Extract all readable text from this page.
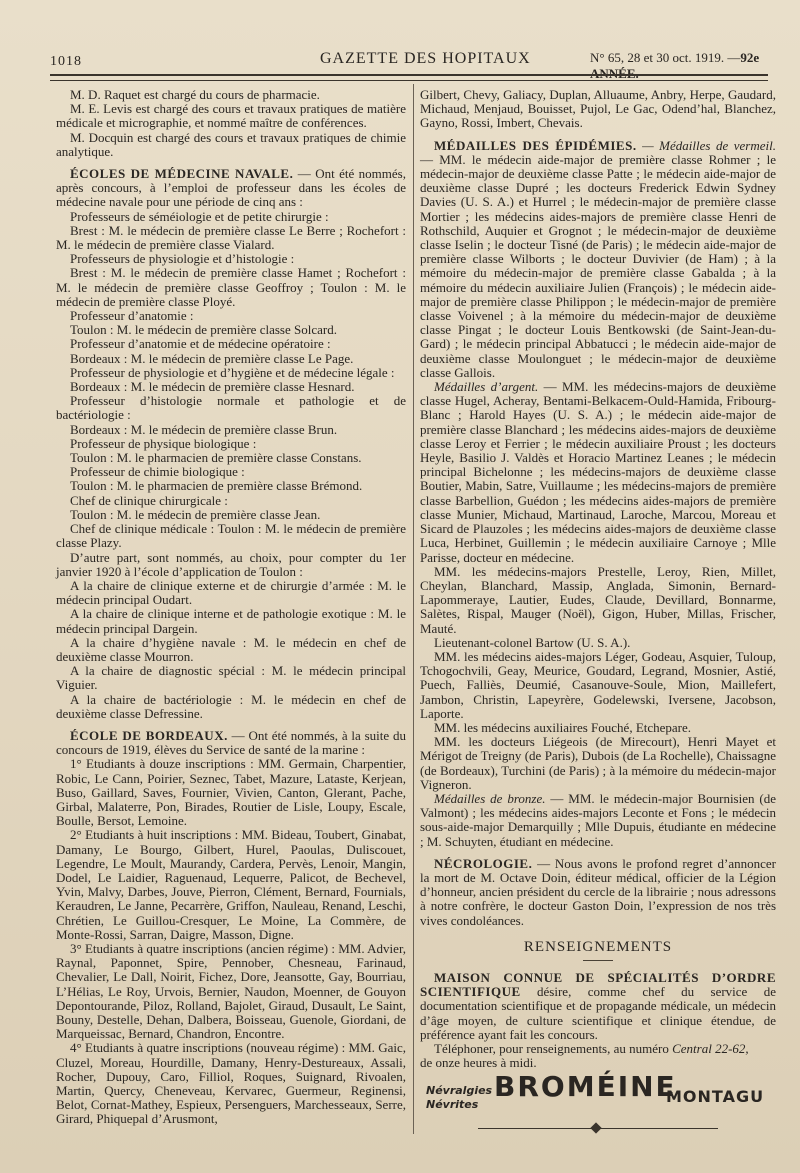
1018	GAZETTE DES HOPITAUX	N° 65, 28 et 30 oct. 1919. —92e ANNÉE.

M. D. Raquet est chargé du cours de pharmacie.

M. E. Levis est chargé des cours et travaux pratiques de matière médicale et micrographie, et nommé maître de conférences.

M. Docquin est chargé des cours et travaux pratiques de chimie analytique.

ÉCOLES DE MÉDECINE NAVALE. — Ont été nommés, après concours, à l’emploi de professeur dans les écoles de médecine navale pour une période de cinq ans :

Professeurs de séméiologie et de petite chirurgie :

Brest : M. le médecin de première classe Le Berre ; Rochefort : M. le médecin de première classe Vialard.

Professeurs de physiologie et d’histologie :

Brest : M. le médecin de première classe Hamet ; Rochefort : M. le médecin de première classe Geoffroy ; Toulon : M. le médecin de première classe Ployé.

Professeur d’anatomie :

Toulon : M. le médecin de première classe Solcard.

Professeur d’anatomie et de médecine opératoire :

Bordeaux : M. le médecin de première classe Le Page.

Professeur de physiologie et d’hygiène et de médecine légale :

Bordeaux : M. le médecin de première classe Hesnard.

Professeur d’histologie normale et pathologie et de bactériologie :

Bordeaux : M. le médecin de première classe Brun.

Professeur de physique biologique :

Toulon : M. le pharmacien de première classe Constans.

Professeur de chimie biologique :

Toulon : M. le pharmacien de première classe Brémond.

Chef de clinique chirurgicale :

Toulon : M. le médecin de première classe Jean.

Chef de clinique médicale : Toulon : M. le médecin de première classe Plazy.

D’autre part, sont nommés, au choix, pour compter du 1er janvier 1920 à l’école d’application de Toulon :

A la chaire de clinique externe et de chirurgie d’armée : M. le médecin principal Oudart.

A la chaire de clinique interne et de pathologie exotique : M. le médecin principal Dargein.

A la chaire d’hygiène navale : M. le médecin en chef de deuxième classe Mourron.

A la chaire de diagnostic spécial : M. le médecin principal Viguier.

A la chaire de bactériologie : M. le médecin en chef de deuxième classe Defressine.

ÉCOLE DE BORDEAUX. — Ont été nommés, à la suite du concours de 1919, élèves du Service de santé de la marine :

1° Etudiants à douze inscriptions : MM. Germain, Charpentier, Robic, Le Cann, Poirier, Seznec, Tabet, Mazure, Lataste, Kerjean, Buso, Gaillard, Saves, Fournier, Vivien, Canton, Glerant, Pache, Girbal, Malaterre, Pon, Birades, Routier de Lisle, Loupy, Escale, Boulle, Bersot, Lemoine.

2° Etudiants à huit inscriptions : MM. Bideau, Toubert, Ginabat, Damany, Le Bourgo, Gilbert, Hurel, Paoulas, Duliscouet, Legendre, Le Moult, Maurandy, Cardera, Pervès, Lenoir, Mangin, Dodel, Le Laidier, Raguenaud, Lequerre, Palicot, de Bechevel, Yvin, Malvy, Darbes, Jouve, Pierron, Clément, Bernard, Fournials, Keraudren, Le Janne, Pecarrère, Griffon, Nauleau, Renand, Leschi, Chrétien, Le Guillou-Cresquer, Le Moine, La Commère, de Monte-Rossi, Sarran, Daigre, Masson, Digne.

3° Etudiants à quatre inscriptions (ancien régime) : MM. Advier, Raynal, Paponnet, Spire, Pennober, Chesneau, Farinaud, Chevalier, Le Dall, Noirit, Fichez, Dore, Jeansotte, Gay, Bourriau, L’Hélias, Le Roy, Urvois, Bernier, Naudon, Moenner, de Gouyon Depontourande, Piloz, Rolland, Bajolet, Giraud, Dusault, Le Saint, Bouny, Destelle, Dehan, Dalbera, Boisseau, Guenole, Giordani, de Marqueissac, Bernard, Chandron, Encontre.

4° Etudiants à quatre inscriptions (nouveau régime) : MM. Gaic, Cluzel, Moreau, Hourdille, Damany, Henry-Destureaux, Assali, Rocher, Dupouy, Caro, Filliol, Roques, Suignard, Rivoalen, Martin, Quercy, Cheneveau, Kervarec, Guermeur, Reginensi, Belot, Cornat-Mathey, Espieux, Persenguers, Marchesseaux, Serre, Girard, Phiquepal d’Arusmont,

Gilbert, Chevy, Galiacy, Duplan, Alluaume, Anbry, Herpe, Gaudard, Michaud, Menjaud, Bouisset, Pujol, Le Gac, Odend’hal, Blanchez, Gayno, Rossi, Imbert, Chevais.

MÉDAILLES DES ÉPIDÉMIES. — Médailles de vermeil. — MM. le médecin aide-major de première classe Rohmer ; le médecin-major de deuxième classe Patte ; le médecin aide-major de deuxième classe Dupré ; les docteurs Frederick Edwin Sydney Davies (U. S. A.) et Hurrel ; le médecin-major de première classe Mortier ; les médecins aides-majors de première classe Henri de Rothschild, Auquier et Grognot ; le médecin-major de deuxième classe Iselin ; le docteur Tisné (de Paris) ; le médecin aide-major de première classe Wilborts ; le docteur Duvivier (de Ham) ; à la mémoire du médecin-major de première classe Gabalda ; à la mémoire du médecin auxiliaire Julien (François) ; le médecin aide-major de première classe Philippon ; le médecin-major de première classe Voivenel ; à la mémoire du médecin-major de deuxième classe Pingat ; le docteur Louis Bentkowski (de Saint-Jean-du-Gard) ; le médecin principal Abbatucci ; le médecin aide-major de deuxième classe Moulonguet ; le médecin-major de deuxième classe Gallois.

Médailles d’argent. — MM. les médecins-majors de deuxième classe Hugel, Acheray, Bentami-Belkacem-Ould-Hamida, Fribourg-Blanc ; Harold Hayes (U. S. A.) ; le médecin aide-major de première classe Blanchard ; les médecins aides-majors de deuxième classe Leroy et Ferrier ; le médecin auxiliaire Proust ; les docteurs Heyle, Basilio J. Valdès et Horacio Martinez Leanes ; le médecin principal Bichelonne ; les médecins-majors de deuxième classe Boutier, Mabin, Satre, Vuillaume ; les médecins-majors de première classe Barbellion, Guédon ; les médecins aides-majors de première classe Munier, Michaud, Martinaud, Laroche, Marcou, Moreau et Sicard de Plauzoles ; les médecins aides-majors de deuxième classe Luca, Herbinet, Guillemin ; le médecin auxiliaire Carnoye ; Mlle Parisse, docteur en médecine.

MM. les médecins-majors Prestelle, Leroy, Rien, Millet, Cheylan, Blanchard, Massip, Anglada, Simonin, Bernard-Lapommeraye, Lautier, Eudes, Claude, Devillard, Bonnarme, Salètes, Rispal, Mauger (Noël), Gigon, Huber, Millas, Frischer, Mauté.

Lieutenant-colonel Bartow (U. S. A.).

MM. les médecins aides-majors Léger, Godeau, Asquier, Tuloup, Tchogochvili, Geay, Meurice, Goudard, Legrand, Mosnier, Astié, Puech, Falliès, Deumié, Casanouve-Soule, Mion, Maillefert, Jambon, Christin, Lapeyrère, Godelewski, Iversene, Jacobson, Laporte.

MM. les médecins auxiliaires Fouché, Etchepare.

MM. les docteurs Liégeois (de Mirecourt), Henri Mayet et Mérigot de Treigny (de Paris), Dubois (de La Rochelle), Chaissagne (de Bordeaux), Turchini (de Paris) ; à la mémoire du médecin-major Vigneron.

Médailles de bronze. — MM. le médecin-major Bournisien (de Valmont) ; les médecins aides-majors Leconte et Fons ; le médecin sous-aide-major Demarquilly ; Mlle Dupuis, étudiante en médecine ; M. Schuyten, étudiant en médecine.

NÉCROLOGIE. — Nous avons le profond regret d’annoncer la mort de M. Octave Doin, éditeur médical, officier de la Légion d’honneur, ancien président du cercle de la librairie ; nous adressons à notre confrère, le docteur Gaston Doin, l’expression de nos très vives condoléances.

RENSEIGNEMENTS

MAISON CONNUE DE SPÉCIALITÉS D’ORDRE SCIENTIFIQUE désire, comme chef du service de documentation scientifique et de propagande médicale, un médecin d’âge moyen, de culture scientifique et clinique étendue, de préférence ayant fait les concours.

Téléphoner, pour renseignements, au numéro Central 22-62,

de onze heures à midi.

Névralgies
Névrites
BROMÉINE
MONTAGU
